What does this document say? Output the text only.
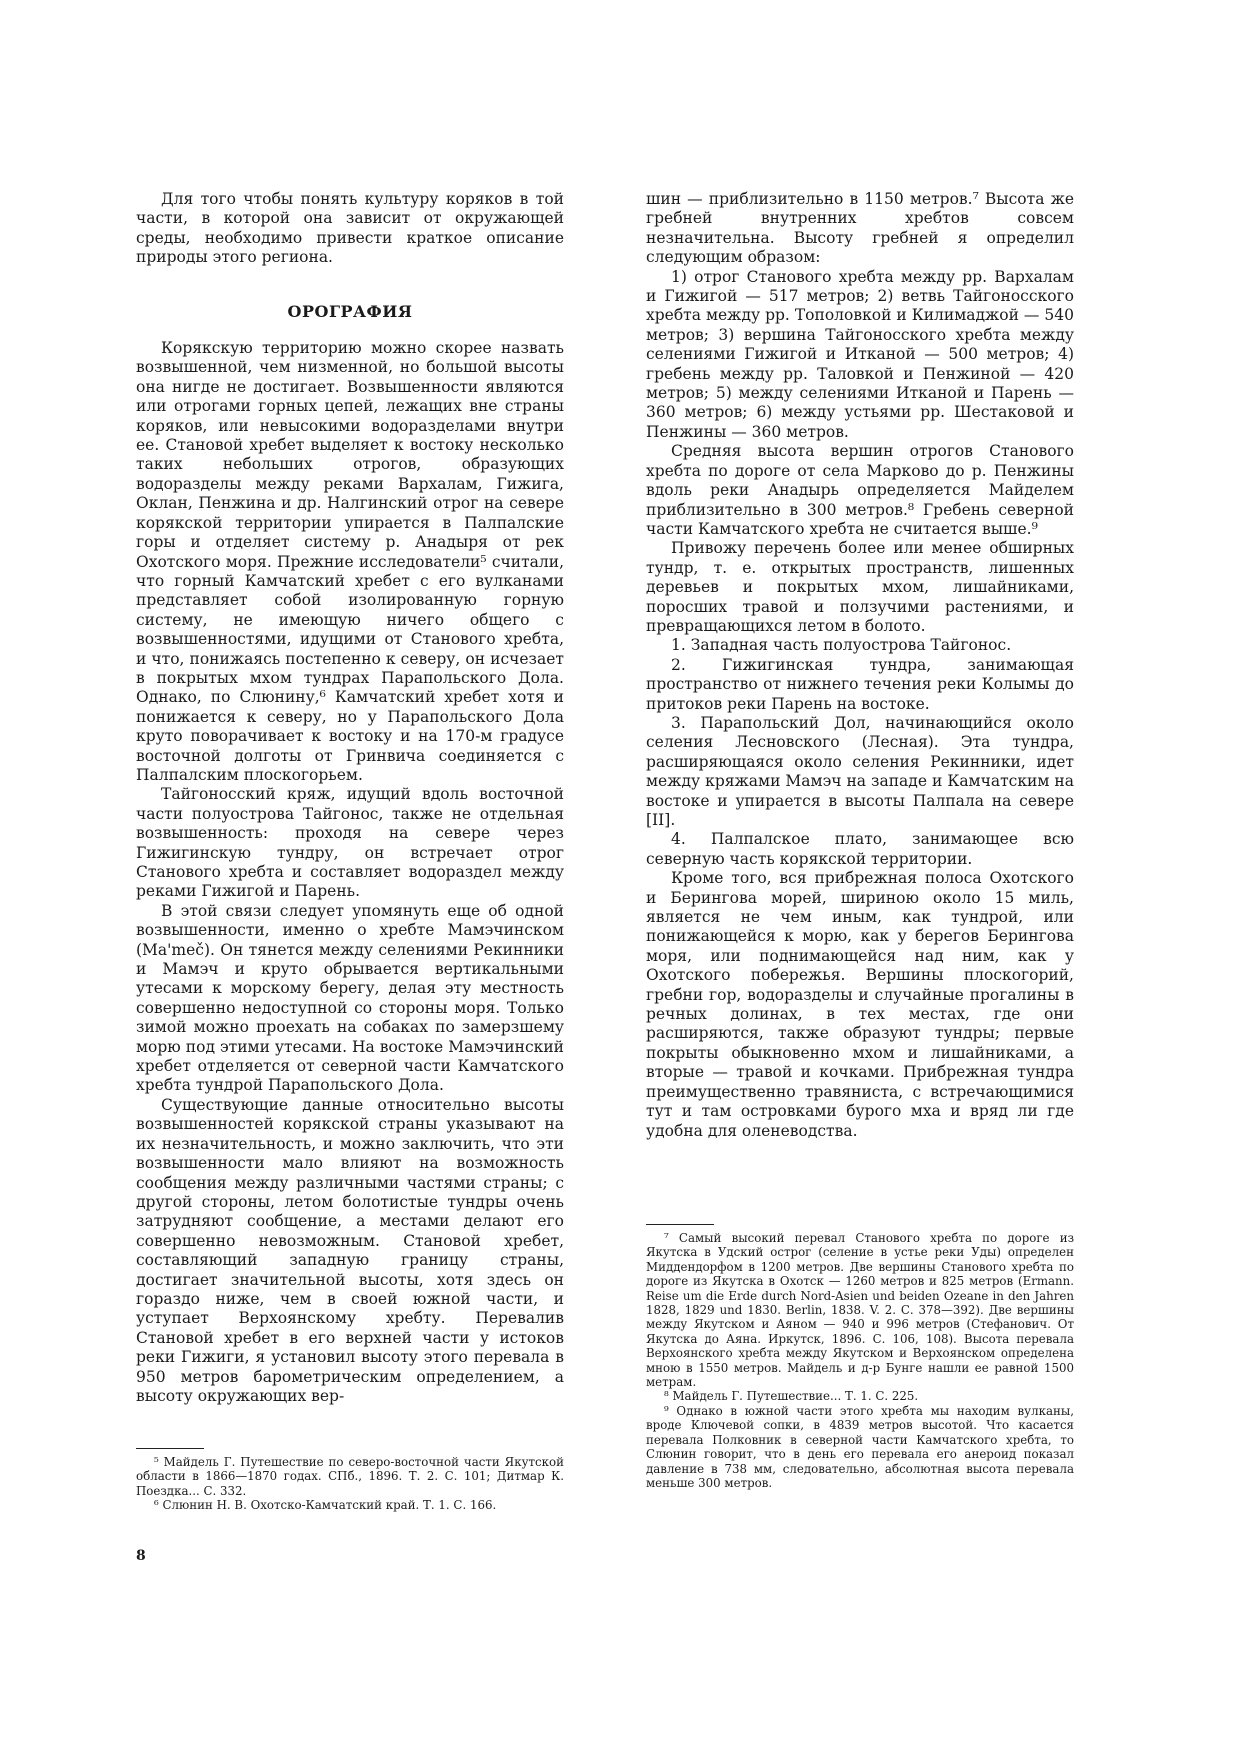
Для того чтобы понять культуру коряков в той части, в которой она зависит от окружающей среды, необходимо привести краткое описание природы этого региона.

ОРОГРАФИЯ

Корякскую территорию можно скорее назвать возвышенной, чем низменной, но большой высоты она нигде не достигает. Возвышенности являются или отрогами горных цепей, лежащих вне страны коряков, или невысокими водоразделами внутри ее. Становой хребет выделяет к востоку несколько таких небольших отрогов, образующих водоразделы между реками Вархалам, Гижига, Оклан, Пенжина и др. Налгинский отрог на севере корякской территории упирается в Палпалские горы и отделяет систему р. Анадыря от рек Охотского моря. Прежние исследователи⁵ считали, что горный Камчатский хребет с его вулканами представляет собой изолированную горную систему, не имеющую ничего общего с возвышенностями, идущими от Станового хребта, и что, понижаясь постепенно к северу, он исчезает в покрытых мхом тундрах Парапольского Дола. Однако, по Слюнину,⁶ Камчатский хребет хотя и понижается к северу, но у Парапольского Дола круто поворачивает к востоку и на 170-м градусе восточной долготы от Гринвича соединяется с Палпалским плоскогорьем.

Тайгоносский кряж, идущий вдоль восточной части полуострова Тайгонос, также не отдельная возвышенность: проходя на севере через Гижигинскую тундру, он встречает отрог Станового хребта и составляет водораздел между реками Гижигой и Парень.

В этой связи следует упомянуть еще об одной возвышенности, именно о хребте Мамэчинском (Ma'meč). Он тянется между селениями Рекинники и Мамэч и круто обрывается вертикальными утесами к морскому берегу, делая эту местность совершенно недоступной со стороны моря. Только зимой можно проехать на собаках по замерзшему морю под этими утесами. На востоке Мамэчинский хребет отделяется от северной части Камчатского хребта тундрой Парапольского Дола.

Существующие данные относительно высоты возвышенностей корякской страны указывают на их незначительность, и можно заключить, что эти возвышенности мало влияют на возможность сообщения между различными частями страны; с другой стороны, летом болотистые тундры очень затрудняют сообщение, а местами делают его совершенно невозможным. Становой хребет, составляющий западную границу страны, достигает значительной высоты, хотя здесь он гораздо ниже, чем в своей южной части, и уступает Верхоянскому хребту. Перевалив Становой хребет в его верхней части у истоков реки Гижиги, я установил высоту этого перевала в 950 метров барометрическим определением, а высоту окружающих вер-

шин — приблизительно в 1150 метров.⁷ Высота же гребней внутренних хребтов совсем незначительна. Высоту гребней я определил следующим образом:

1) отрог Станового хребта между рр. Вархалам и Гижигой — 517 метров; 2) ветвь Тайгоносского хребта между рр. Тополовкой и Килимаджой — 540 метров; 3) вершина Тайгоносского хребта между селениями Гижигой и Итканой — 500 метров; 4) гребень между рр. Таловкой и Пенжиной — 420 метров; 5) между селениями Итканой и Парень — 360 метров; 6) между устьями рр. Шестаковой и Пенжины — 360 метров.

Средняя высота вершин отрогов Станового хребта по дороге от села Марково до р. Пенжины вдоль реки Анадырь определяется Майделем приблизительно в 300 метров.⁸ Гребень северной части Камчатского хребта не считается выше.⁹

Привожу перечень более или менее обширных тундр, т. е. открытых пространств, лишенных деревьев и покрытых мхом, лишайниками, поросших травой и ползучими растениями, и превращающихся летом в болото.

1. Западная часть полуострова Тайгонос.

2. Гижигинская тундра, занимающая пространство от нижнего течения реки Колымы до притоков реки Парень на востоке.

3. Парапольский Дол, начинающийся около селения Лесновского (Лесная). Эта тундра, расширяющаяся около селения Рекинники, идет между кряжами Мамэч на западе и Камчатским на востоке и упирается в высоты Палпала на севере [II].

4. Палпалское плато, занимающее всю северную часть корякской территории.

Кроме того, вся прибрежная полоса Охотского и Берингова морей, шириною около 15 миль, является не чем иным, как тундрой, или понижающейся к морю, как у берегов Берингова моря, или поднимающейся над ним, как у Охотского побережья. Вершины плоскогорий, гребни гор, водоразделы и случайные прогалины в речных долинах, в тех местах, где они расширяются, также образуют тундры; первые покрыты обыкновенно мхом и лишайниками, а вторые — травой и кочками. Прибрежная тундра преимущественно травяниста, с встречающимися тут и там островками бурого мха и вряд ли где удобна для оленеводства.

⁵ Майдель Г. Путешествие по северо-восточной части Якутской области в 1866—1870 годах. СПб., 1896. Т. 2. С. 101; Дитмар К. Поездка... С. 332.

⁶ Слюнин Н. В. Охотско-Камчатский край. Т. 1. С. 166.

⁷ Самый высокий перевал Станового хребта по дороге из Якутска в Удский острог (селение в устье реки Уды) определен Миддендорфом в 1200 метров. Две вершины Станового хребта по дороге из Якутска в Охотск — 1260 метров и 825 метров (Ermann. Reise um die Erde durch Nord-Asien und beiden Ozeane in den Jahren 1828, 1829 und 1830. Berlin, 1838. V. 2. С. 378—392). Две вершины между Якутском и Аяном — 940 и 996 метров (Стефанович. От Якутска до Аяна. Иркутск, 1896. С. 106, 108). Высота перевала Верхоянского хребта между Якутском и Верхоянском определена мною в 1550 метров. Майдель и д-р Бунге нашли ее равной 1500 метрам.

⁸ Майдель Г. Путешествие... Т. 1. С. 225.

⁹ Однако в южной части этого хребта мы находим вулканы, вроде Ключевой сопки, в 4839 метров высотой. Что касается перевала Полковник в северной части Камчатского хребта, то Слюнин говорит, что в день его перевала его анероид показал давление в 738 мм, следовательно, абсолютная высота перевала меньше 300 метров.

8
